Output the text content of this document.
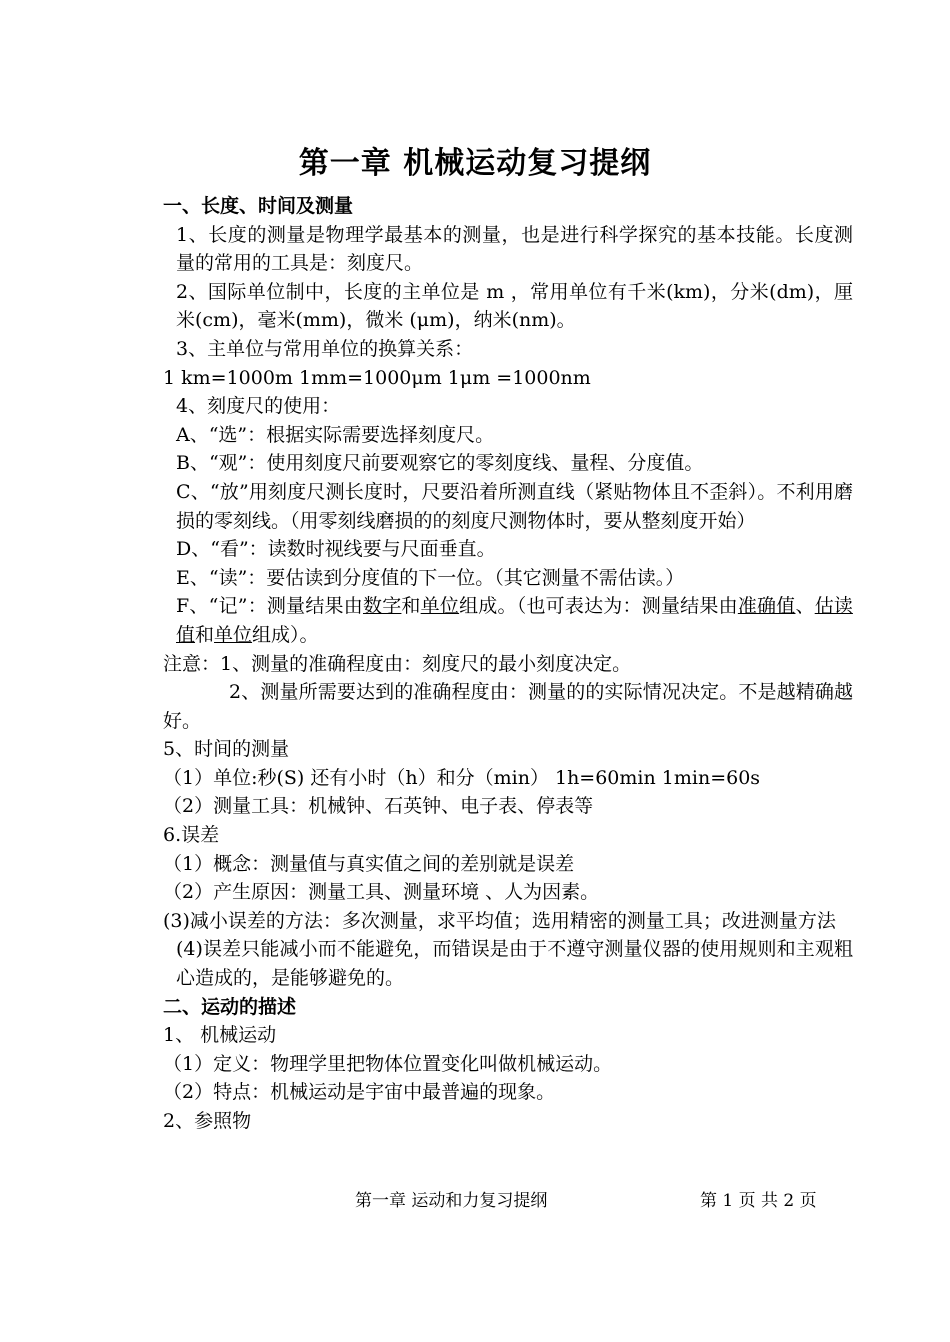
第一章 机械运动复习提纲
一、长度、时间及测量
1、长度的测量是物理学最基本的测量，也是进行科学探究的基本技能。长度测量的常用的工具是：刻度尺。
2、国际单位制中，长度的主单位是 m ，常用单位有千米(km)，分米(dm)，厘米(cm)，毫米(mm)，微米 (μm)，纳米(nm)。
3、主单位与常用单位的换算关系：
1 km=1000m 1mm=1000μm 1μm =1000nm
4、刻度尺的使用：
A、“选”：根据实际需要选择刻度尺。
B、“观”：使用刻度尺前要观察它的零刻度线、量程、分度值。
C、“放”用刻度尺测长度时，尺要沿着所测直线（紧贴物体且不歪斜）。不利用磨损的零刻线。（用零刻线磨损的的刻度尺测物体时，要从整刻度开始）
D、“看”：读数时视线要与尺面垂直。
E、“读”：要估读到分度值的下一位。（其它测量不需估读。）
F、“记”：测量结果由数字和单位组成。（也可表达为：测量结果由准确值、估读值和单位组成）。
注意：1、测量的准确程度由：刻度尺的最小刻度决定。
2、测量所需要达到的准确程度由：测量的的实际情况决定。不是越精确越好。
5、时间的测量
（1）单位:秒(S) 还有小时（h）和分（min） 1h=60min 1min=60s
（2）测量工具：机械钟、石英钟、电子表、停表等
6.误差
（1）概念：测量值与真实值之间的差别就是误差
（2）产生原因：测量工具、测量环境 、人为因素。
(3)减小误差的方法：多次测量，求平均值；选用精密的测量工具；改进测量方法
(4)误差只能减小而不能避免，而错误是由于不遵守测量仪器的使用规则和主观粗心造成的，是能够避免的。
二、运动的描述
1、 机械运动
（1）定义：物理学里把物体位置变化叫做机械运动。
（2）特点：机械运动是宇宙中最普遍的现象。
2、参照物
第一章 运动和力复习提纲	第 1 页 共 2 页
